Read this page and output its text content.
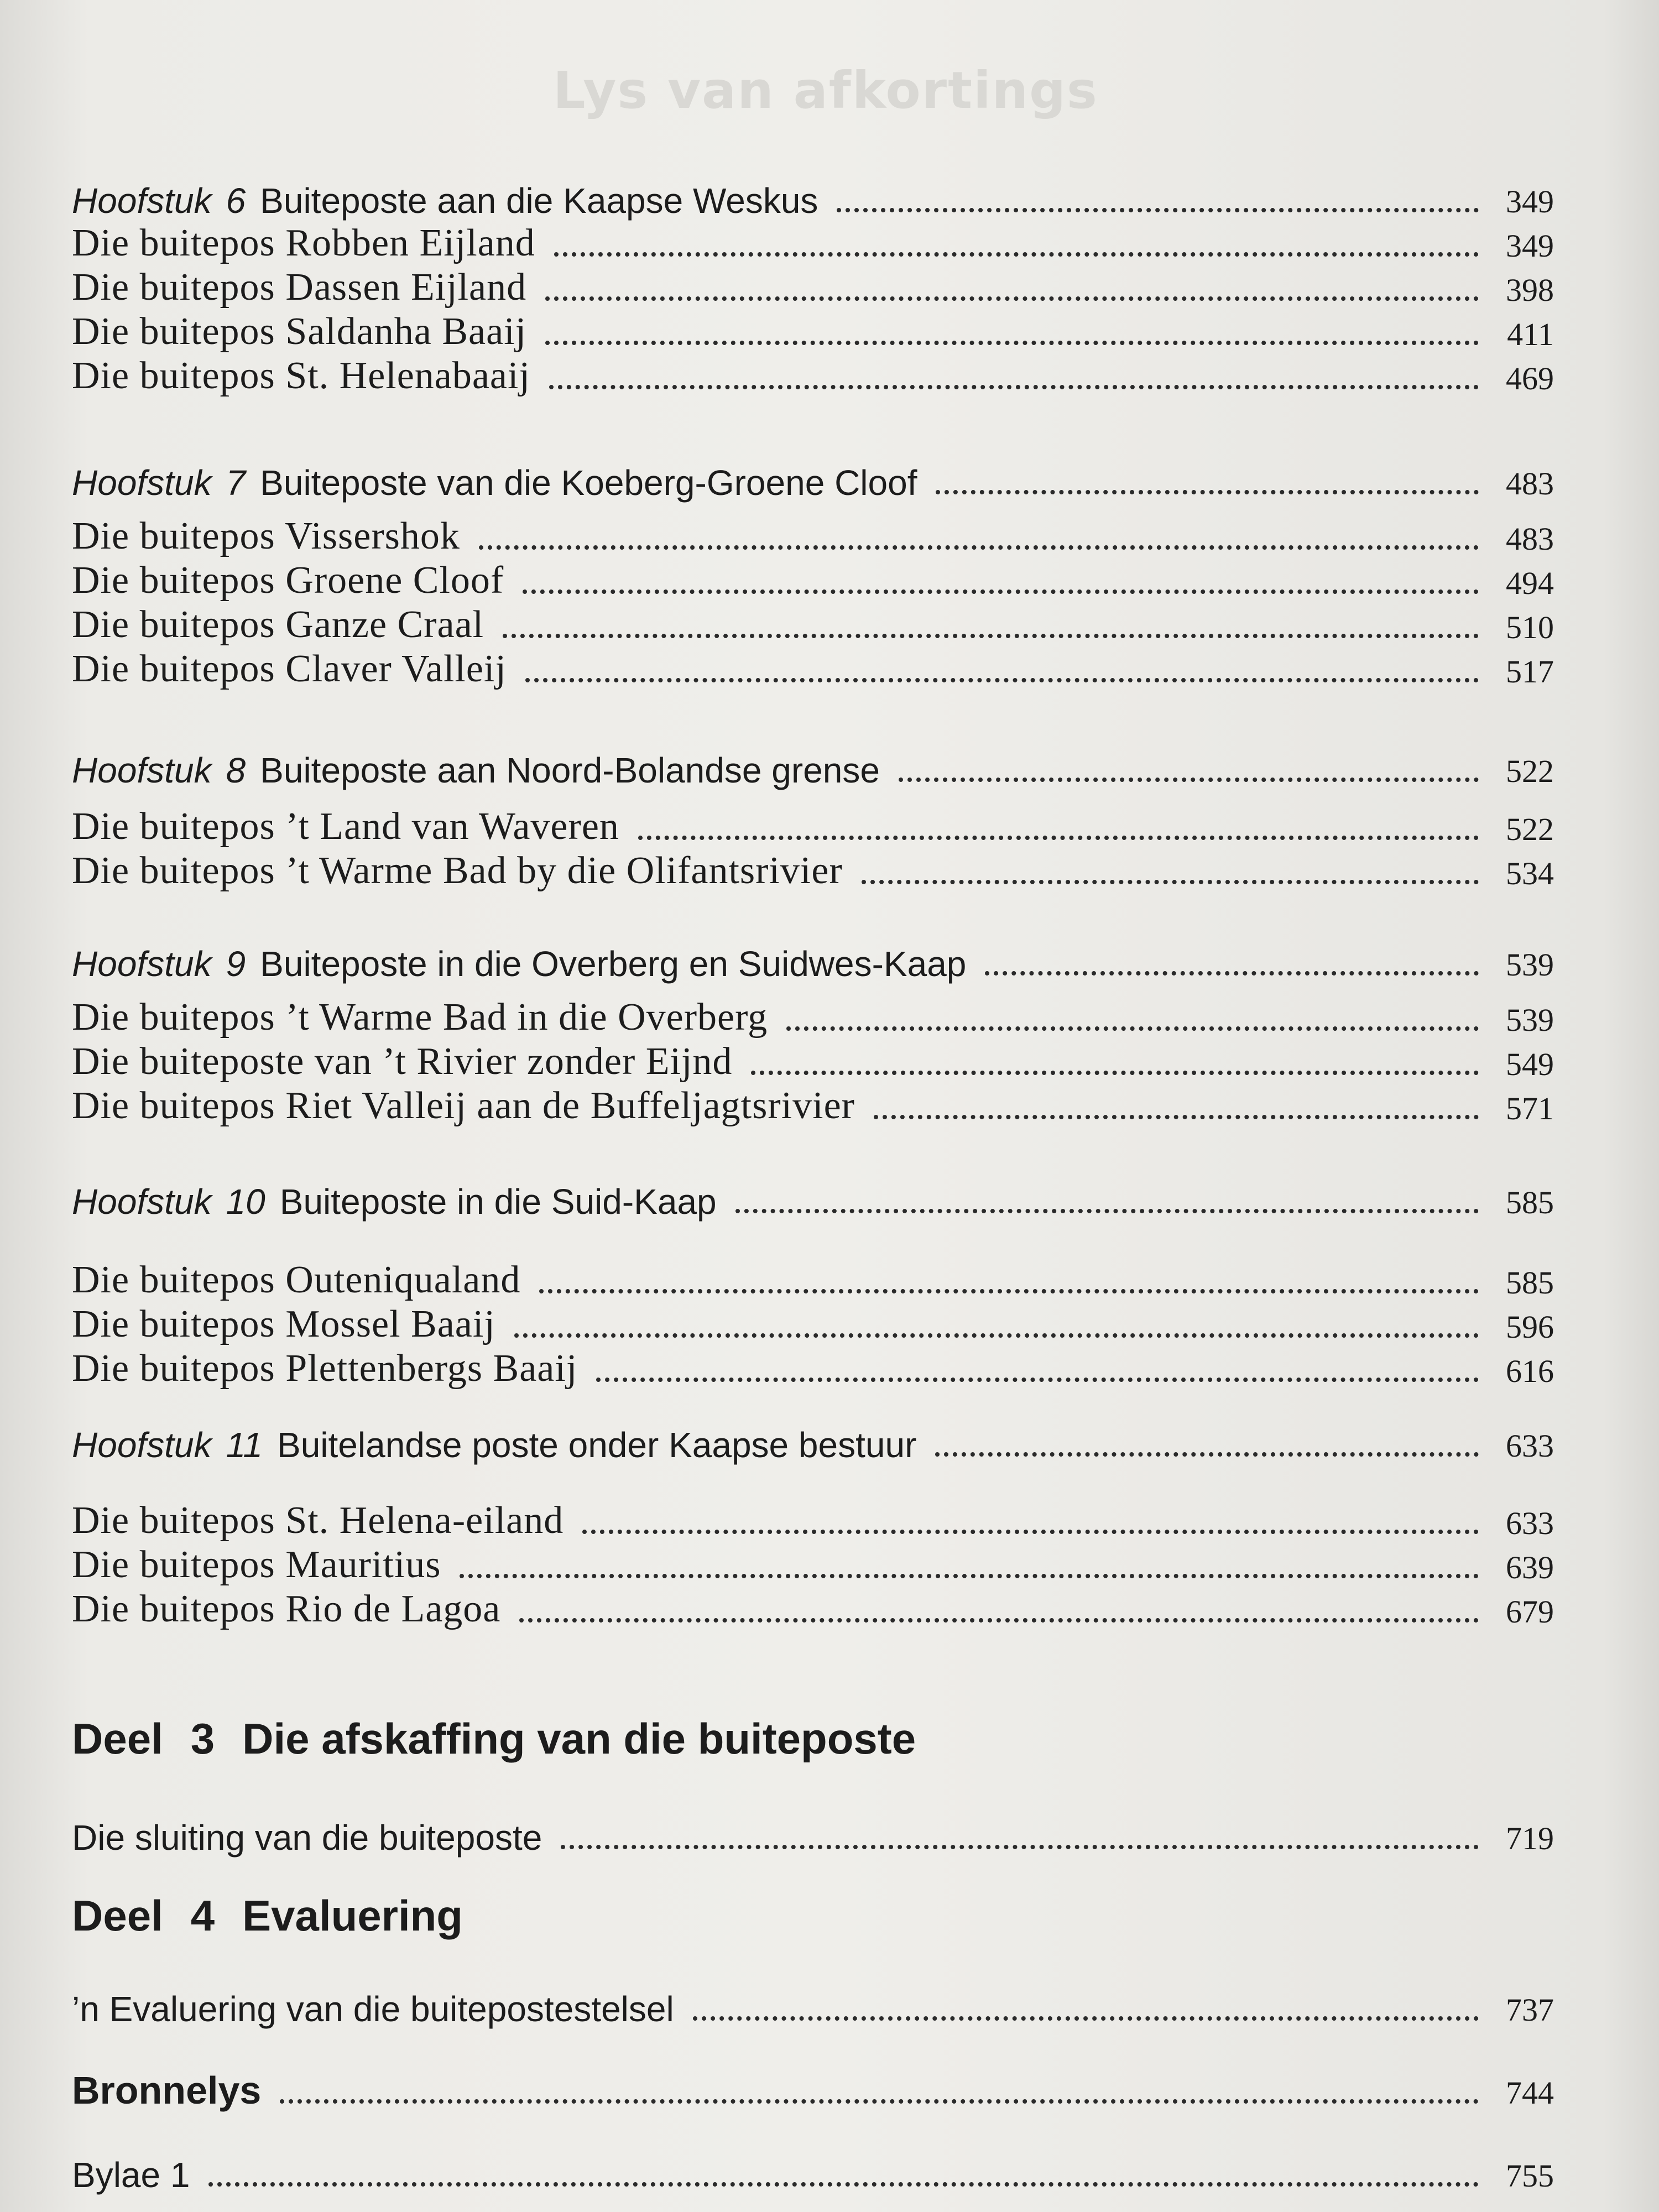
Lys van afkortings
Hoofstuk 6 Buiteposte aan die Kaapse Weskus	349
Die buitepos Robben Eijland	349
Die buitepos Dassen Eijland	398
Die buitepos Saldanha Baaij	411
Die buitepos St. Helenabaaij	469
Hoofstuk 7 Buiteposte van die Koeberg-Groene Cloof	483
Die buitepos Vissershok	483
Die buitepos Groene Cloof	494
Die buitepos Ganze Craal	510
Die buitepos Claver Valleij	517
Hoofstuk 8 Buiteposte aan Noord-Bolandse grense	522
Die buitepos ’t Land van Waveren	522
Die buitepos ’t Warme Bad by die Olifantsrivier	534
Hoofstuk 9 Buiteposte in die Overberg en Suidwes-Kaap	539
Die buitepos ’t Warme Bad in die Overberg	539
Die buiteposte van ’t Rivier zonder Eijnd	549
Die buitepos Riet Valleij aan de Buffeljagtsrivier	571
Hoofstuk 10 Buiteposte in die Suid-Kaap	585
Die buitepos Outeniqualand	585
Die buitepos Mossel Baaij	596
Die buitepos Plettenbergs Baaij	616
Hoofstuk 11 Buitelandse poste onder Kaapse bestuur	633
Die buitepos St. Helena-eiland	633
Die buitepos Mauritius	639
Die buitepos Rio de Lagoa	679
Deel 3 Die afskaffing van die buiteposte
Die sluiting van die buiteposte	719
Deel 4 Evaluering
’n Evaluering van die buitepostestelsel	737
Bronnelys	744
Bylae 1	755
